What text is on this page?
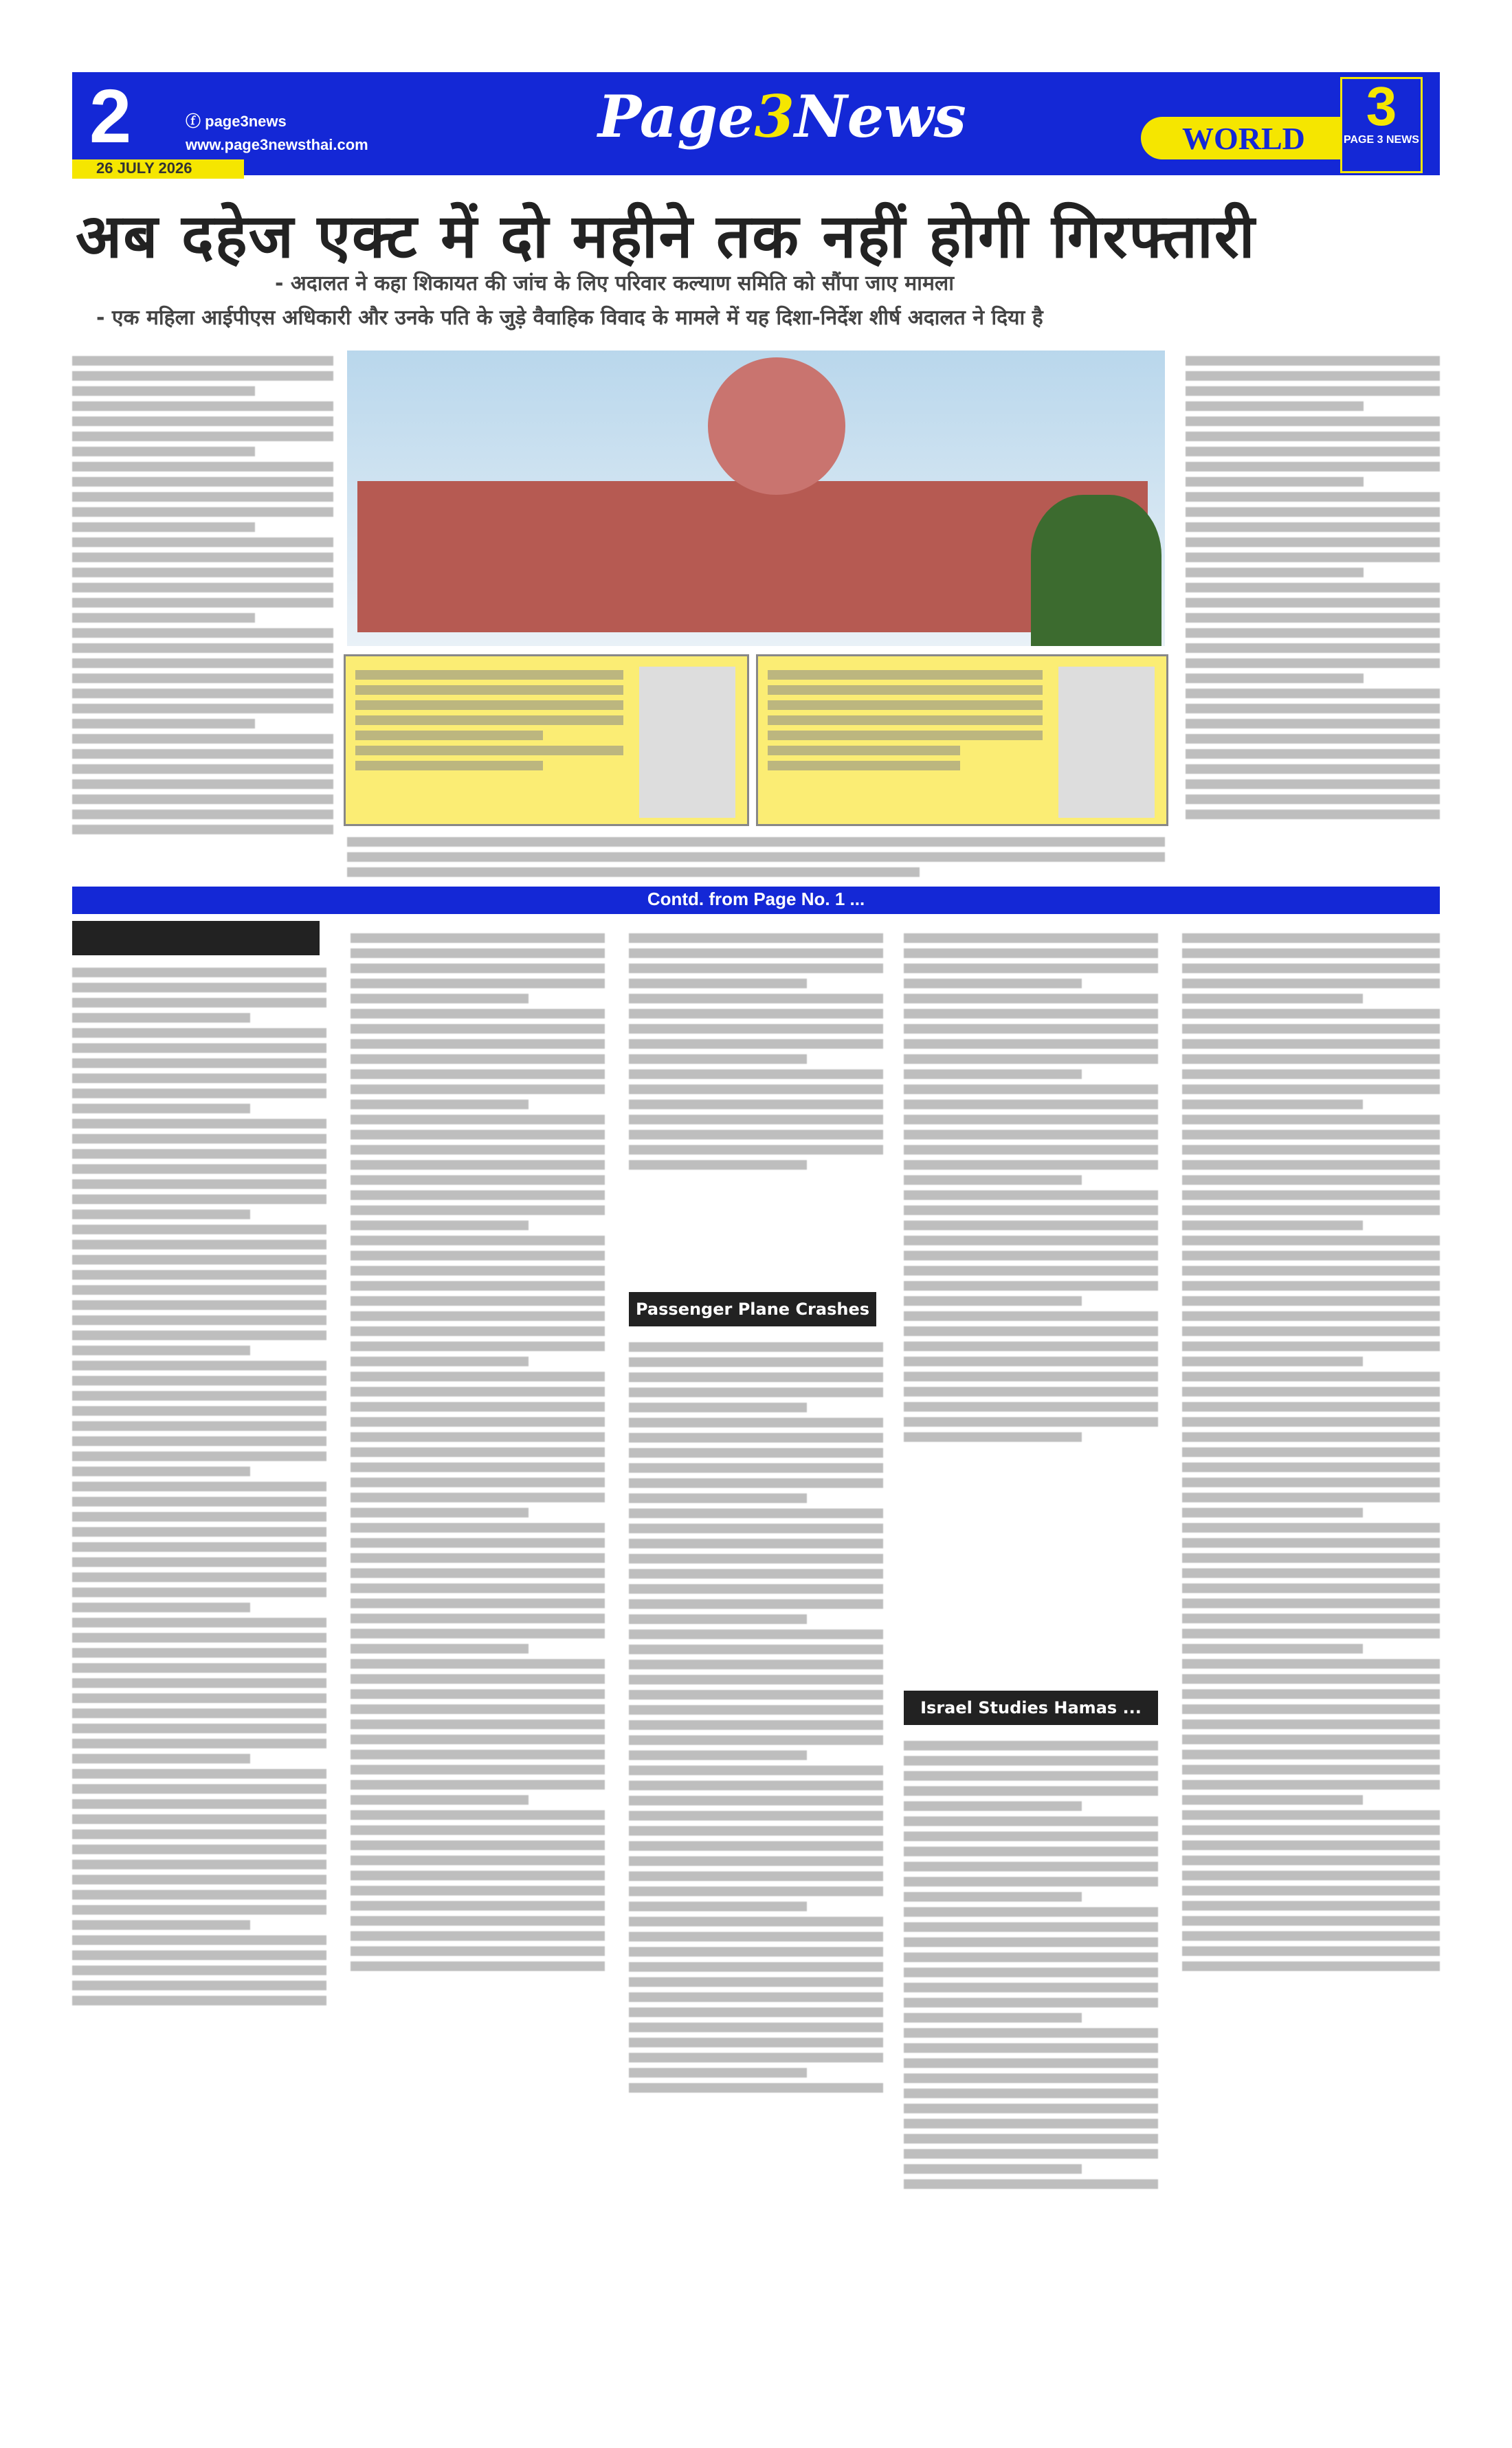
2	ⓕ page3news
www.page3newsthai.com
26 JULY 2026
Page3News	WORLD
3
PAGE 3 NEWS
अब दहेज एक्ट में दो महीने तक नहीं होगी गिरफ्तारी
- अदालत ने कहा शिकायत की जांच के लिए परिवार कल्याण समिति को सौंपा जाए मामला
- एक महिला आईपीएस अधिकारी और उनके पति के जुड़े वैवाहिक विवाद के मामले में यह दिशा-निर्देश शीर्ष अदालत ने दिया है
Contd. from Page No. 1 ...
Passenger Plane Crashes
Israel Studies Hamas ...
